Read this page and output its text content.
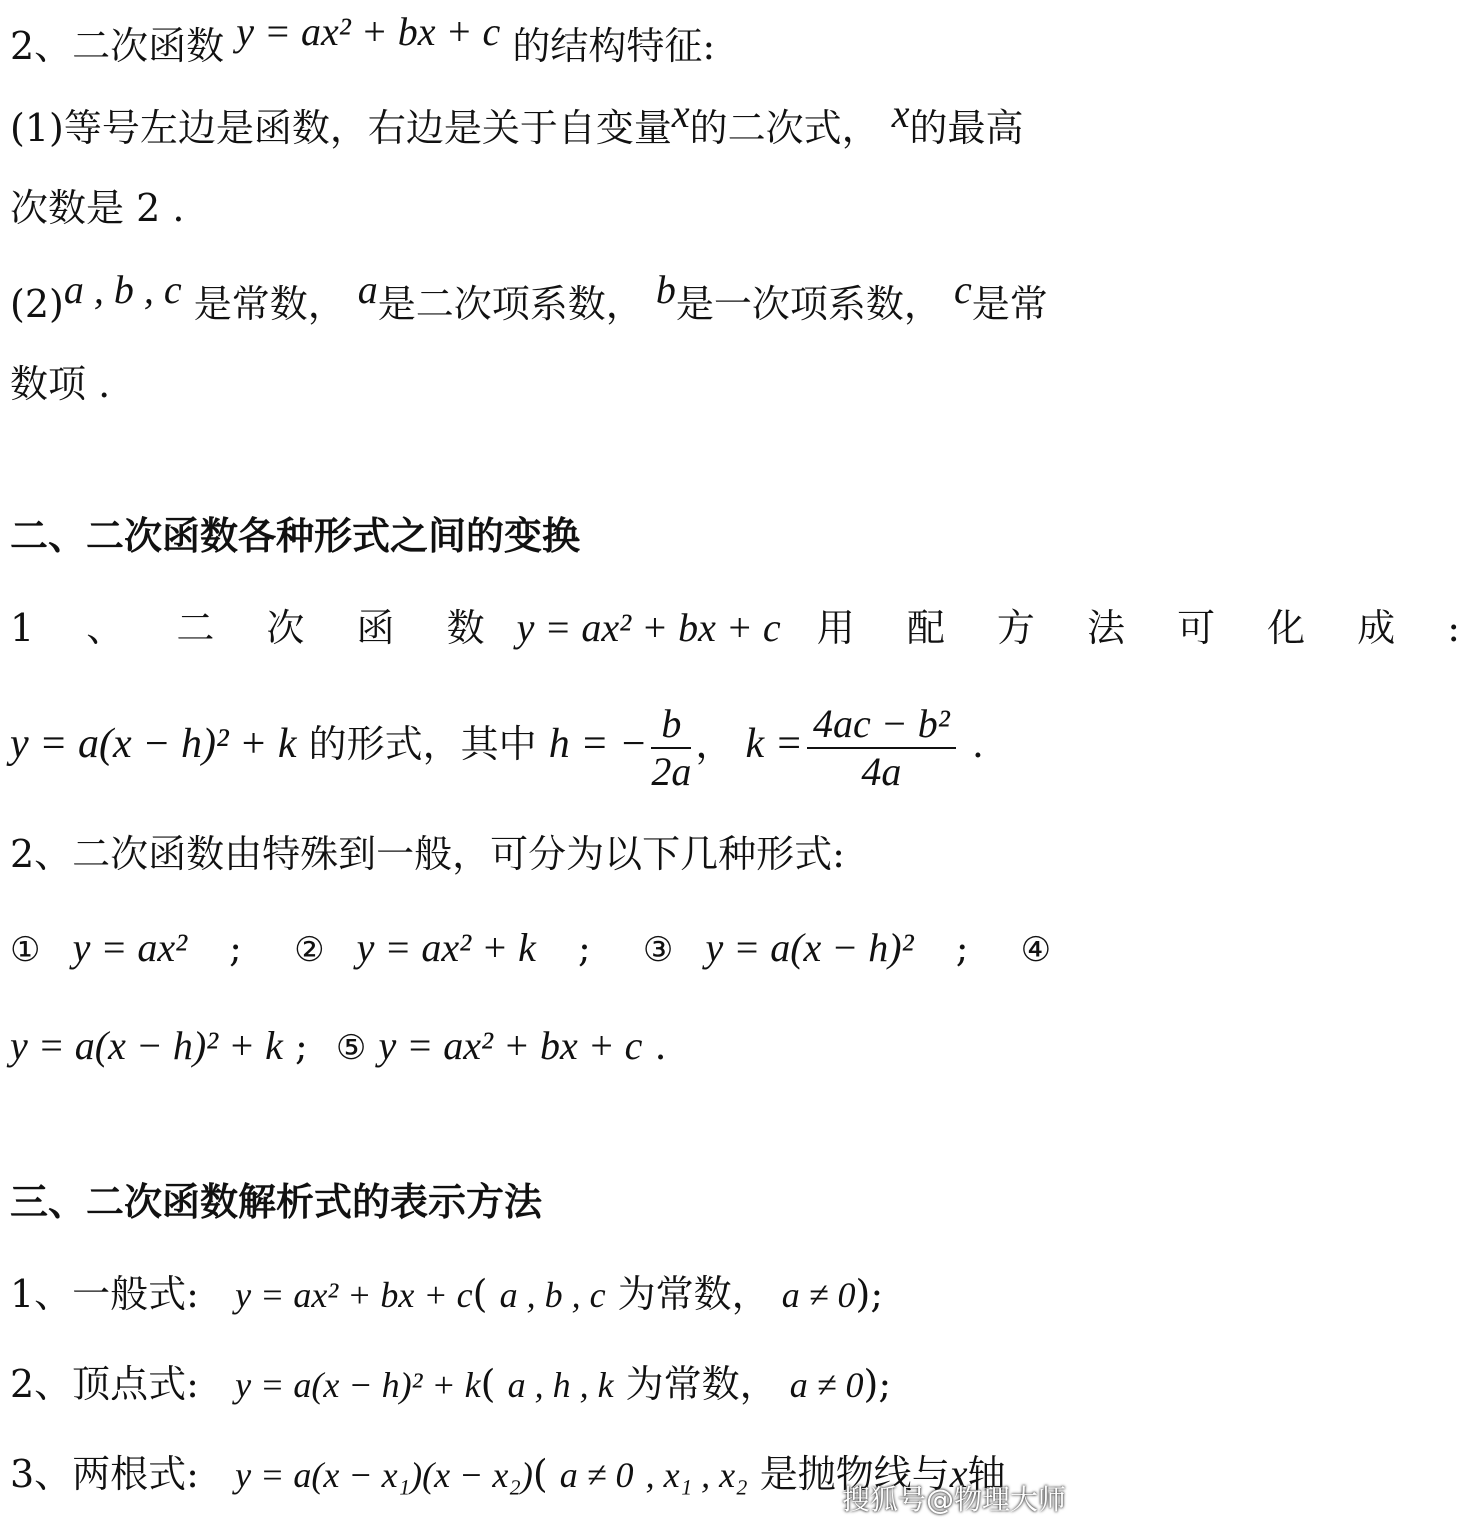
2、二次函数 y = ax² + bx + c 的结构特征:
(1)等号左边是函数，右边是关于自变量x的二次式， x的最高
次数是 2 .
(2)a , b , c 是常数， a是二次项系数， b是一次项系数， c是常
数项 .
二、二次函数各种形式之间的变换
1 、 二 次 函 数 y = ax² + bx + c 用 配 方 法 可 化 成 :
y = a(x − h)² + k 的形式，其中 h = − $\frac{b}{2a}$ ， $k = \frac{\text{4ac − b²}}{4a}$ .
2、二次函数由特殊到一般，可分为以下几种形式:
① y = ax² ; ② y = ax² + k ; ③ y = a(x − h)² ; ④
y = a(x − h)² + k ; ⑤ y = ax² + bx + c .
三、二次函数解析式的表示方法
1、一般式: y = ax² + bx + c( a , b , c 为常数， a ≠ 0);
2、顶点式: y = a(x − h)² + k( a , h , k 为常数， a ≠ 0);
3、两根式: y = a(x − x₁)(x − x₂)( a ≠ 0 , x₁ , x₂ 是抛物线与x轴
搜狐号@物理大师
